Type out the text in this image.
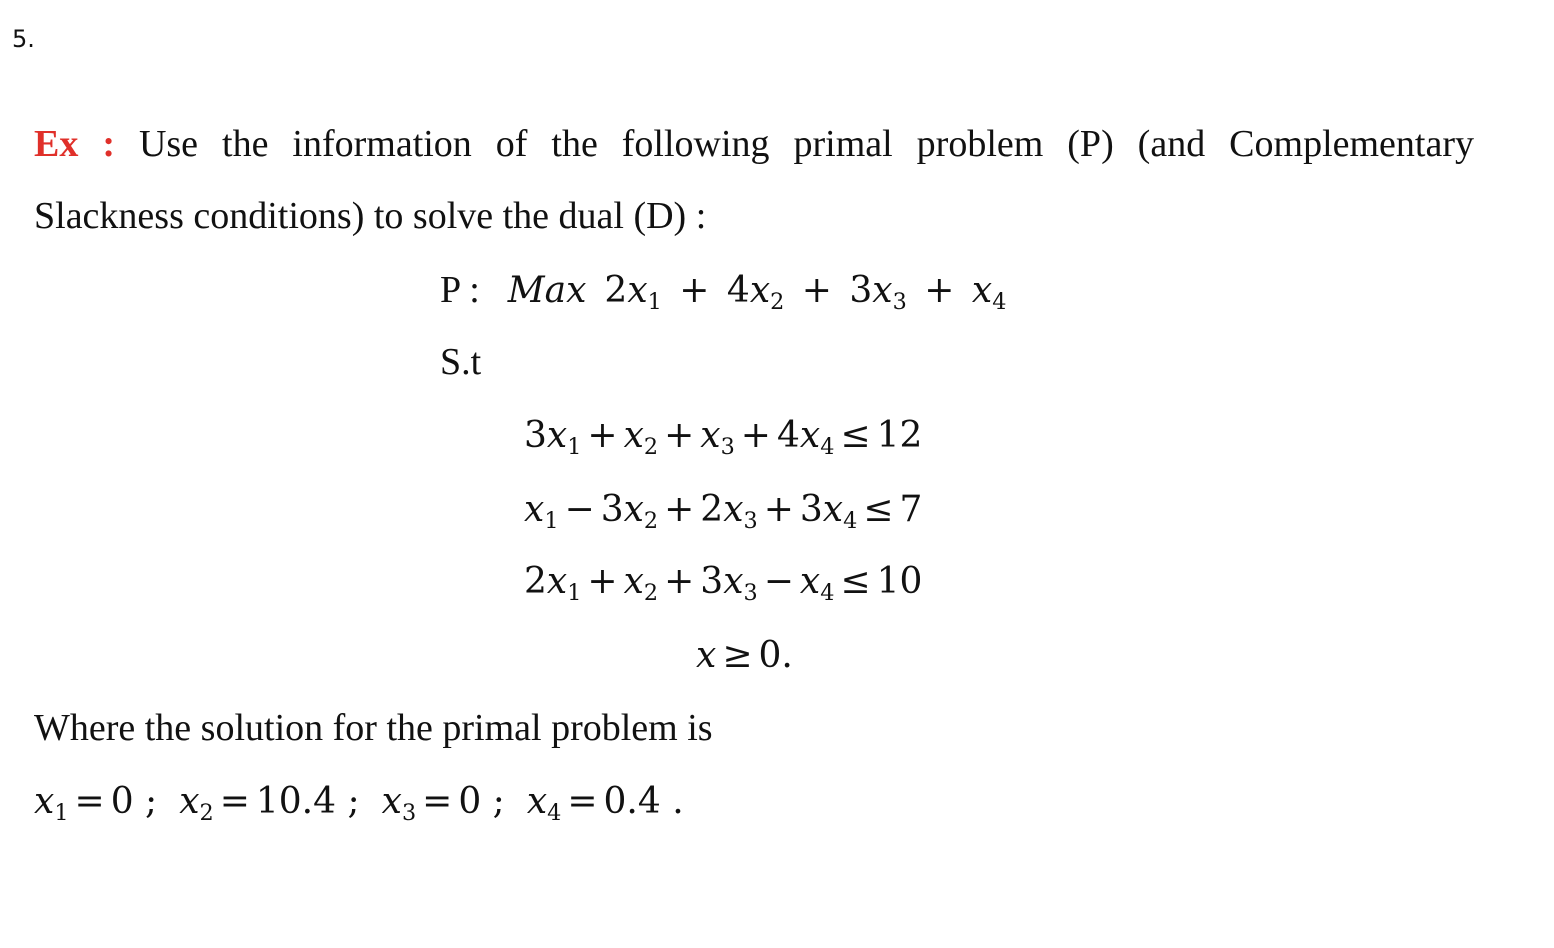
5.
Ex : Use the information of the following primal problem (P) (and Complementary
Slackness conditions) to solve the dual (D) :
P : Max $2x_1 + 4x_2 + 3x_3 + x_4$
S.t
$3x_1 + x_2 + x_3 + 4x_4 \le 12$
$x_1 - 3x_2 + 2x_3 + 3x_4 \le 7$
$2x_1 + x_2 + 3x_3 - x_4 \le 10$
x ≥ 0.
Where the solution for the primal problem is
$x_1 = 0$ ; $x_2 = 10.4$ ; $x_3 = 0$ ; $x_4 = 0.4$ .
